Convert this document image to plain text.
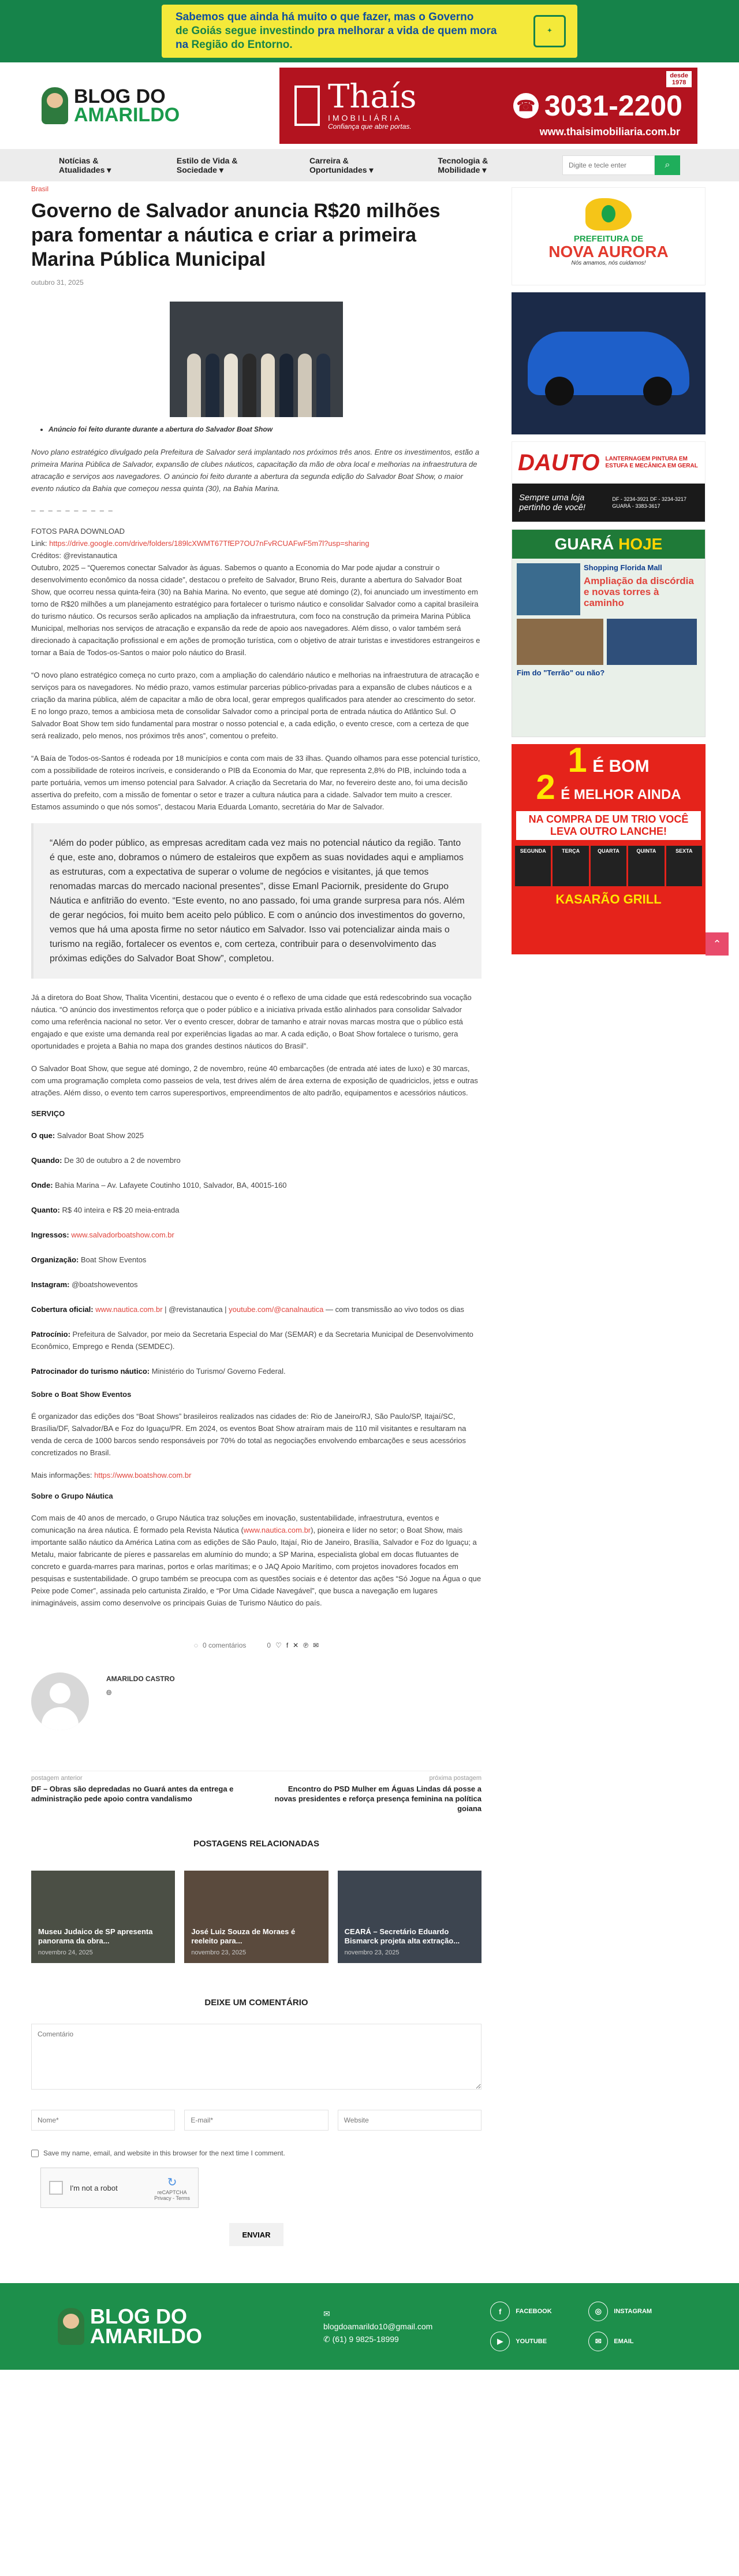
Sabemos que ainda há muito o que fazer, mas o Governo
de Goiás segue investindo pra melhorar a vida de quem mora
na Região do Entorno.
✦
BLOG DO
AMARILDO	Thaís
IMOBILIÁRIA
Confiança que abre portas.
☎ 3031-2200
www.thaisimobiliaria.com.br
desde
1978
Notícias & Atualidades ▾
Estilo de Vida & Sociedade ▾
Carreira & Oportunidades ▾
Tecnologia & Mobilidade ▾
Digite e tecle enter	⌕
Brasil
Governo de Salvador anuncia R$20 milhões para fomentar a náutica e criar a primeira Marina Pública Municipal
outubro 31, 2025
• Anúncio foi feito durante durante a abertura do Salvador Boat Show

Novo plano estratégico divulgado pela Prefeitura de Salvador será implantado nos próximos três anos. Entre os investimentos, estão a primeira Marina Pública de Salvador, expansão de clubes náuticos, capacitação da mão de obra local e melhorias na infraestrutura de atracação e serviços aos navegadores. O anúncio foi feito durante a abertura da segunda edição do Salvador Boat Show, o maior evento náutico da Bahia que começou nessa quinta (30), na Bahia Marina.

– – – – – – – – – –

FOTOS PARA DOWNLOAD
Link: https://drive.google.com/drive/folders/189lcXWMT67TfEP7OU7nFvRCUAFwF5m7l?usp=sharing
Créditos: @revistanautica
Outubro, 2025 – “Queremos conectar Salvador às águas. Sabemos o quanto a Economia do Mar pode ajudar a construir o desenvolvimento econômico da nossa cidade”, destacou o prefeito de Salvador, Bruno Reis, durante a abertura do Salvador Boat Show, que ocorreu nessa quinta-feira (30) na Bahia Marina. No evento, que segue até domingo (2), foi anunciado um investimento em torno de R$20 milhões a um planejamento estratégico para fortalecer o turismo náutico e consolidar Salvador como a capital brasileira do turismo náutico. Os recursos serão aplicados na ampliação da infraestrutura, com foco na construção da primeira Marina Pública Municipal, melhorias nos serviços de atracação e expansão da rede de apoio aos navegadores. Além disso, o valor também será direcionado à capacitação profissional e em ações de promoção turística, com o objetivo de atrair turistas e investidores estrangeiros e tornar a Baía de Todos-os-Santos o maior polo náutico do Brasil.

“O novo plano estratégico começa no curto prazo, com a ampliação do calendário náutico e melhorias na infraestrutura de atracação e serviços para os navegadores. No médio prazo, vamos estimular parcerias público-privadas para a expansão de clubes náuticos e a criação da marina pública, além de capacitar a mão de obra local, gerar empregos qualificados para atender ao crescimento do setor. E no longo prazo, temos a ambiciosa meta de consolidar Salvador como a principal porta de entrada náutica do Atlântico Sul. O Salvador Boat Show tem sido fundamental para mostrar o nosso potencial e, a cada edição, o evento cresce, com a certeza de que será realizado, pelo menos, nos próximos três anos”, comentou o prefeito.

“A Baía de Todos-os-Santos é rodeada por 18 municípios e conta com mais de 33 ilhas. Quando olhamos para esse potencial turístico, com a possibilidade de roteiros incríveis, e considerando o PIB da Economia do Mar, que representa 2,8% do PIB, incluindo toda a parte portuária, vemos um imenso potencial para Salvador. A criação da Secretaria do Mar, no fevereiro deste ano, foi uma decisão assertiva do prefeito, com a missão de fomentar o setor e trazer a cultura náutica para a cidade. Salvador tem muito a crescer. Estamos assumindo o que nós somos”, destacou Maria Eduarda Lomanto, secretária do Mar de Salvador.

“Além do poder público, as empresas acreditam cada vez mais no potencial náutico da região. Tanto é que, este ano, dobramos o número de estaleiros que expõem as suas novidades aqui e ampliamos as estruturas, com a expectativa de superar o volume de negócios e visitantes, já que temos renomadas marcas do mercado nacional presentes”, disse Emanl Paciornik, presidente do Grupo Náutica e anfitrião do evento. “Este evento, no ano passado, foi uma grande surpresa para nós. Além de gerar negócios, foi muito bem aceito pelo público. E com o anúncio dos investimentos do governo, vemos que há uma aposta firme no setor náutico em Salvador. Isso vai potencializar ainda mais o turismo na região, fortalecer os eventos e, com certeza, contribuir para o desenvolvimento das próximas edições do Salvador Boat Show”, completou.

Já a diretora do Boat Show, Thalita Vicentini, destacou que o evento é o reflexo de uma cidade que está redescobrindo sua vocação náutica. “O anúncio dos investimentos reforça que o poder público e a iniciativa privada estão alinhados para consolidar Salvador como uma referência nacional no setor. Ver o evento crescer, dobrar de tamanho e atrair novas marcas mostra que o público está engajado e que existe uma demanda real por experiências ligadas ao mar. A cada edição, o Boat Show fortalece o turismo, gera oportunidades e projeta a Bahia no mapa dos grandes destinos náuticos do Brasil”.

O Salvador Boat Show, que segue até domingo, 2 de novembro, reúne 40 embarcações (de entrada até iates de luxo) e 30 marcas, com uma programação completa como passeios de vela, test drives além de área externa de exposição de quadriciclos, jetss e outras atrações. Além disso, o evento tem carros superesportivos, empreendimentos de alto padrão, equipamentos e acessórios náuticos.

SERVIÇO
O que: Salvador Boat Show 2025
Quando: De 30 de outubro a 2 de novembro
Onde: Bahia Marina – Av. Lafayete Coutinho 1010, Salvador, BA, 40015-160
Quanto: R$ 40 inteira e R$ 20 meia-entrada
Ingressos: www.salvadorboatshow.com.br
Organização: Boat Show Eventos
Instagram: @boatshoweventos
Cobertura oficial: www.nautica.com.br | @revistanautica | youtube.com/@canalnautica — com transmissão ao vivo todos os dias
Patrocínio: Prefeitura de Salvador, por meio da Secretaria Especial do Mar (SEMAR) e da Secretaria Municipal de Desenvolvimento Econômico, Emprego e Renda (SEMDEC).
Patrocinador do turismo náutico: Ministério do Turismo/ Governo Federal.
Sobre o Boat Show Eventos

É organizador das edições dos “Boat Shows” brasileiros realizados nas cidades de: Rio de Janeiro/RJ, São Paulo/SP, Itajaí/SC, Brasília/DF, Salvador/BA e Foz do Iguaçu/PR. Em 2024, os eventos Boat Show atraíram mais de 110 mil visitantes e resultaram na venda de cerca de 1000 barcos sendo responsáveis por 70% do total as negociações envolvendo embarcações e seus acessórios concretizados no Brasil.

Mais informações: https://www.boatshow.com.br

Sobre o Grupo Náutica

Com mais de 40 anos de mercado, o Grupo Náutica traz soluções em inovação, sustentabilidade, infraestrutura, eventos e comunicação na área náutica. É formado pela Revista Náutica (www.nautica.com.br), pioneira e líder no setor; o Boat Show, mais importante salão náutico da América Latina com as edições de São Paulo, Itajaí, Rio de Janeiro, Brasília, Salvador e Foz do Iguaçu; a Metalu, maior fabricante de píeres e passarelas em alumínio do mundo; a SP Marina, especialista global em docas flutuantes de concreto e guarda-marres para marinas, portos e orlas marítimas; e o JAQ Apoio Marítimo, com projetos inovadores focados em pesquisas e sustentabilidade. O grupo também se preocupa com as questões sociais e é detentor das ações “Só Jogue na Água o que Peixe pode Comer”, assinada pelo cartunista Ziraldo, e “Por Uma Cidade Navegável”, que busca a navegação em lugares inimagináveis, assim como desenvolve os principais Guias de Turismo Náutico do país.

◌ 0 comentários	0 ♡ f ✕ ℗ ✉
AMARILDO CASTRO
🌐︎
postagem anterior
DF – Obras são depredadas no Guará antes da entrega e administração pede apoio contra vandalismo
próxima postagem
Encontro do PSD Mulher em Águas Lindas dá posse a novas presidentes e reforça presença feminina na política goiana
POSTAGENS RELACIONADAS
Museu Judaico de SP apresenta panorama da obra...
novembro 24, 2025
José Luiz Souza de Moraes é reeleito para...
novembro 23, 2025
CEARÁ – Secretário Eduardo Bismarck projeta alta extração...
novembro 23, 2025
DEIXE UM COMENTÁRIO
Comentário
Nome*
E-mail*
Website
Save my name, email, and website in this browser for the next time I comment.
I'm not a robot	↻
reCAPTCHA
Privacy - Terms
ENVIAR
PREFEITURA DE
NOVA AURORA
Nós amamos, nós cuidamos!
DAUTO LANTERNAGEM PINTURA EM ESTUFA E MECÂNICA EM GERAL
Sempre uma loja pertinho de você!
DF - 3234-3921 DF - 3234-3217 GUARÁ - 3383-3617
GUARÁ
HOJE
Shopping Florida Mall
Ampliação da discórdia e novas torres à caminho
Fim do "Terrão" ou não?
1 É BOM
2 É MELHOR AINDA
NA COMPRA DE UM TRIO VOCÊ LEVA OUTRO LANCHE!
SEGUNDA	TERÇA	QUARTA	QUINTA	SEXTA
KASARÃO GRILL
⌃
BLOG DO
AMARILDO
✉ blogdoamarildo10@gmail.com
✆ (61) 9 9825-18999
f	FACEBOOK	◎	INSTAGRAM
▶	YOUTUBE	✉	EMAIL
